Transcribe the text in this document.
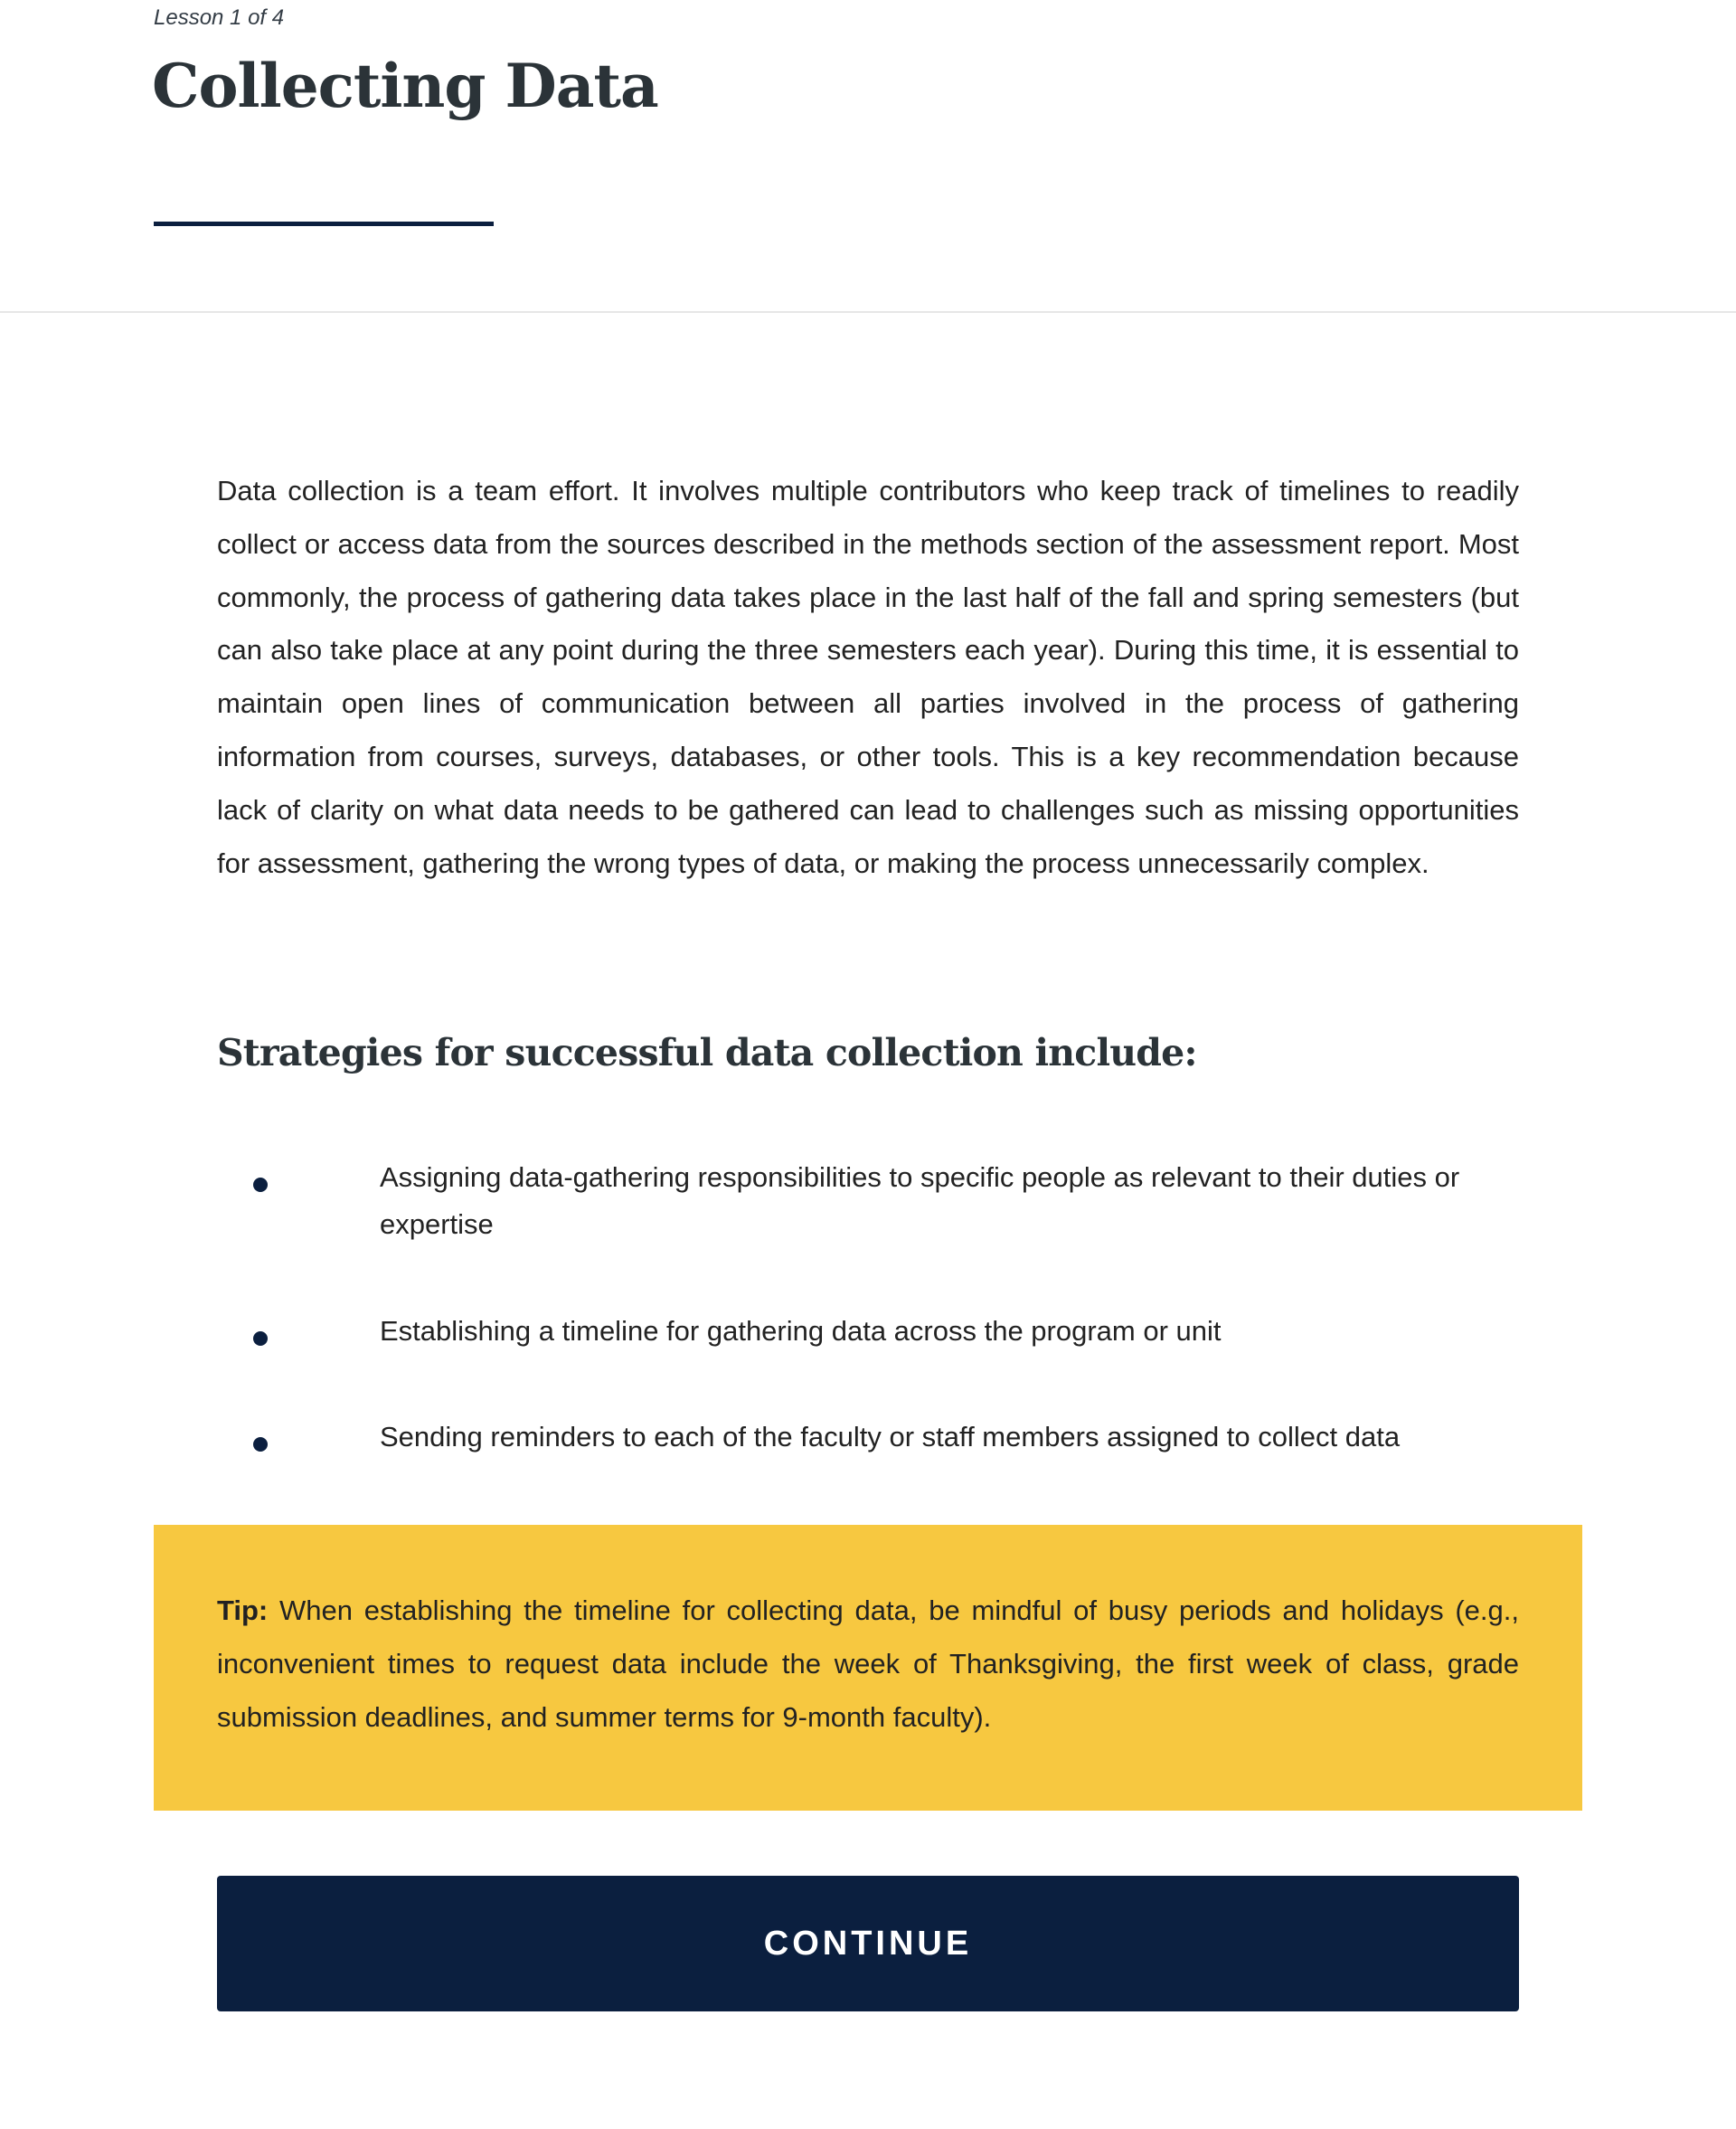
Lesson 1 of 4
Collecting Data

Data collection is a team effort. It involves multiple contributors who keep track of timelines to readily collect or access data from the sources described in the methods section of the assessment report. Most commonly, the process of gathering data takes place in the last half of the fall and spring semesters (but can also take place at any point during the three semesters each year). During this time, it is essential to maintain open lines of communication between all parties involved in the process of gathering information from courses, surveys, databases, or other tools. This is a key recommendation because lack of clarity on what data needs to be gathered can lead to challenges such as missing opportunities for assessment, gathering the wrong types of data, or making the process unnecessarily complex.

Strategies for successful data collection include:
Assigning data-gathering responsibilities to specific people as relevant to their duties or expertise
Establishing a timeline for gathering data across the program or unit
Sending reminders to each of the faculty or staff members assigned to collect data

Tip: When establishing the timeline for collecting data, be mindful of busy periods and holidays (e.g., inconvenient times to request data include the week of Thanksgiving, the first week of class, grade submission deadlines, and summer terms for 9-month faculty).

CONTINUE
